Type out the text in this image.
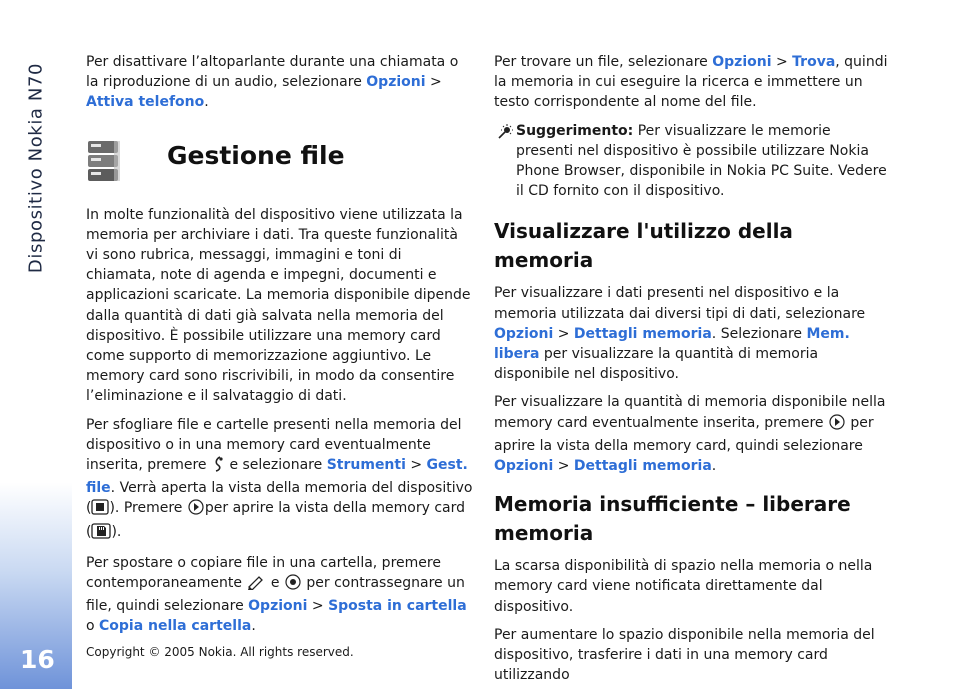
Dispositivo Nokia N70
16

Per disattivare l’altoparlante durante una chiamata o la riproduzione di un audio, selezionare Opzioni > Attiva telefono.

Gestione file

In molte funzionalità del dispositivo viene utilizzata la memoria per archiviare i dati. Tra queste funzionalità vi sono rubrica, messaggi, immagini e toni di chiamata, note di agenda e impegni, documenti e applicazioni scaricate. La memoria disponibile dipende dalla quantità di dati già salvata nella memoria del dispositivo. È possibile utilizzare una memory card come supporto di memorizzazione aggiuntivo. Le memory card sono riscrivibili, in modo da consentire l’eliminazione e il salvataggio di dati.

Per sfogliare file e cartelle presenti nella memoria del dispositivo o in una memory card eventualmente inserita, premere  e selezionare Strumenti > Gest. file. Verrà aperta la vista della memoria del dispositivo ( ). Premere per aprire la vista della memory card ( ).

Per spostare o copiare file in una cartella, premere contemporaneamente  e  per contrassegnare un file, quindi selezionare Opzioni > Sposta in cartella o Copia nella cartella.

Per trovare un file, selezionare Opzioni > Trova, quindi la memoria in cui eseguire la ricerca e immettere un testo corrispondente al nome del file.

Suggerimento: Per visualizzare le memorie presenti nel dispositivo è possibile utilizzare Nokia Phone Browser, disponibile in Nokia PC Suite. Vedere il CD fornito con il dispositivo.

Visualizzare l'utilizzo della memoria

Per visualizzare i dati presenti nel dispositivo e la memoria utilizzata dai diversi tipi di dati, selezionare Opzioni > Dettagli memoria. Selezionare Mem. libera per visualizzare la quantità di memoria disponibile nel dispositivo.

Per visualizzare la quantità di memoria disponibile nella memory card eventualmente inserita, premere  per aprire la vista della memory card, quindi selezionare Opzioni > Dettagli memoria.

Memoria insufficiente – liberare memoria

La scarsa disponibilità di spazio nella memoria o nella memory card viene notificata direttamente dal dispositivo.

Per aumentare lo spazio disponibile nella memoria del dispositivo, trasferire i dati in una memory card utilizzando

Copyright © 2005 Nokia. All rights reserved.
